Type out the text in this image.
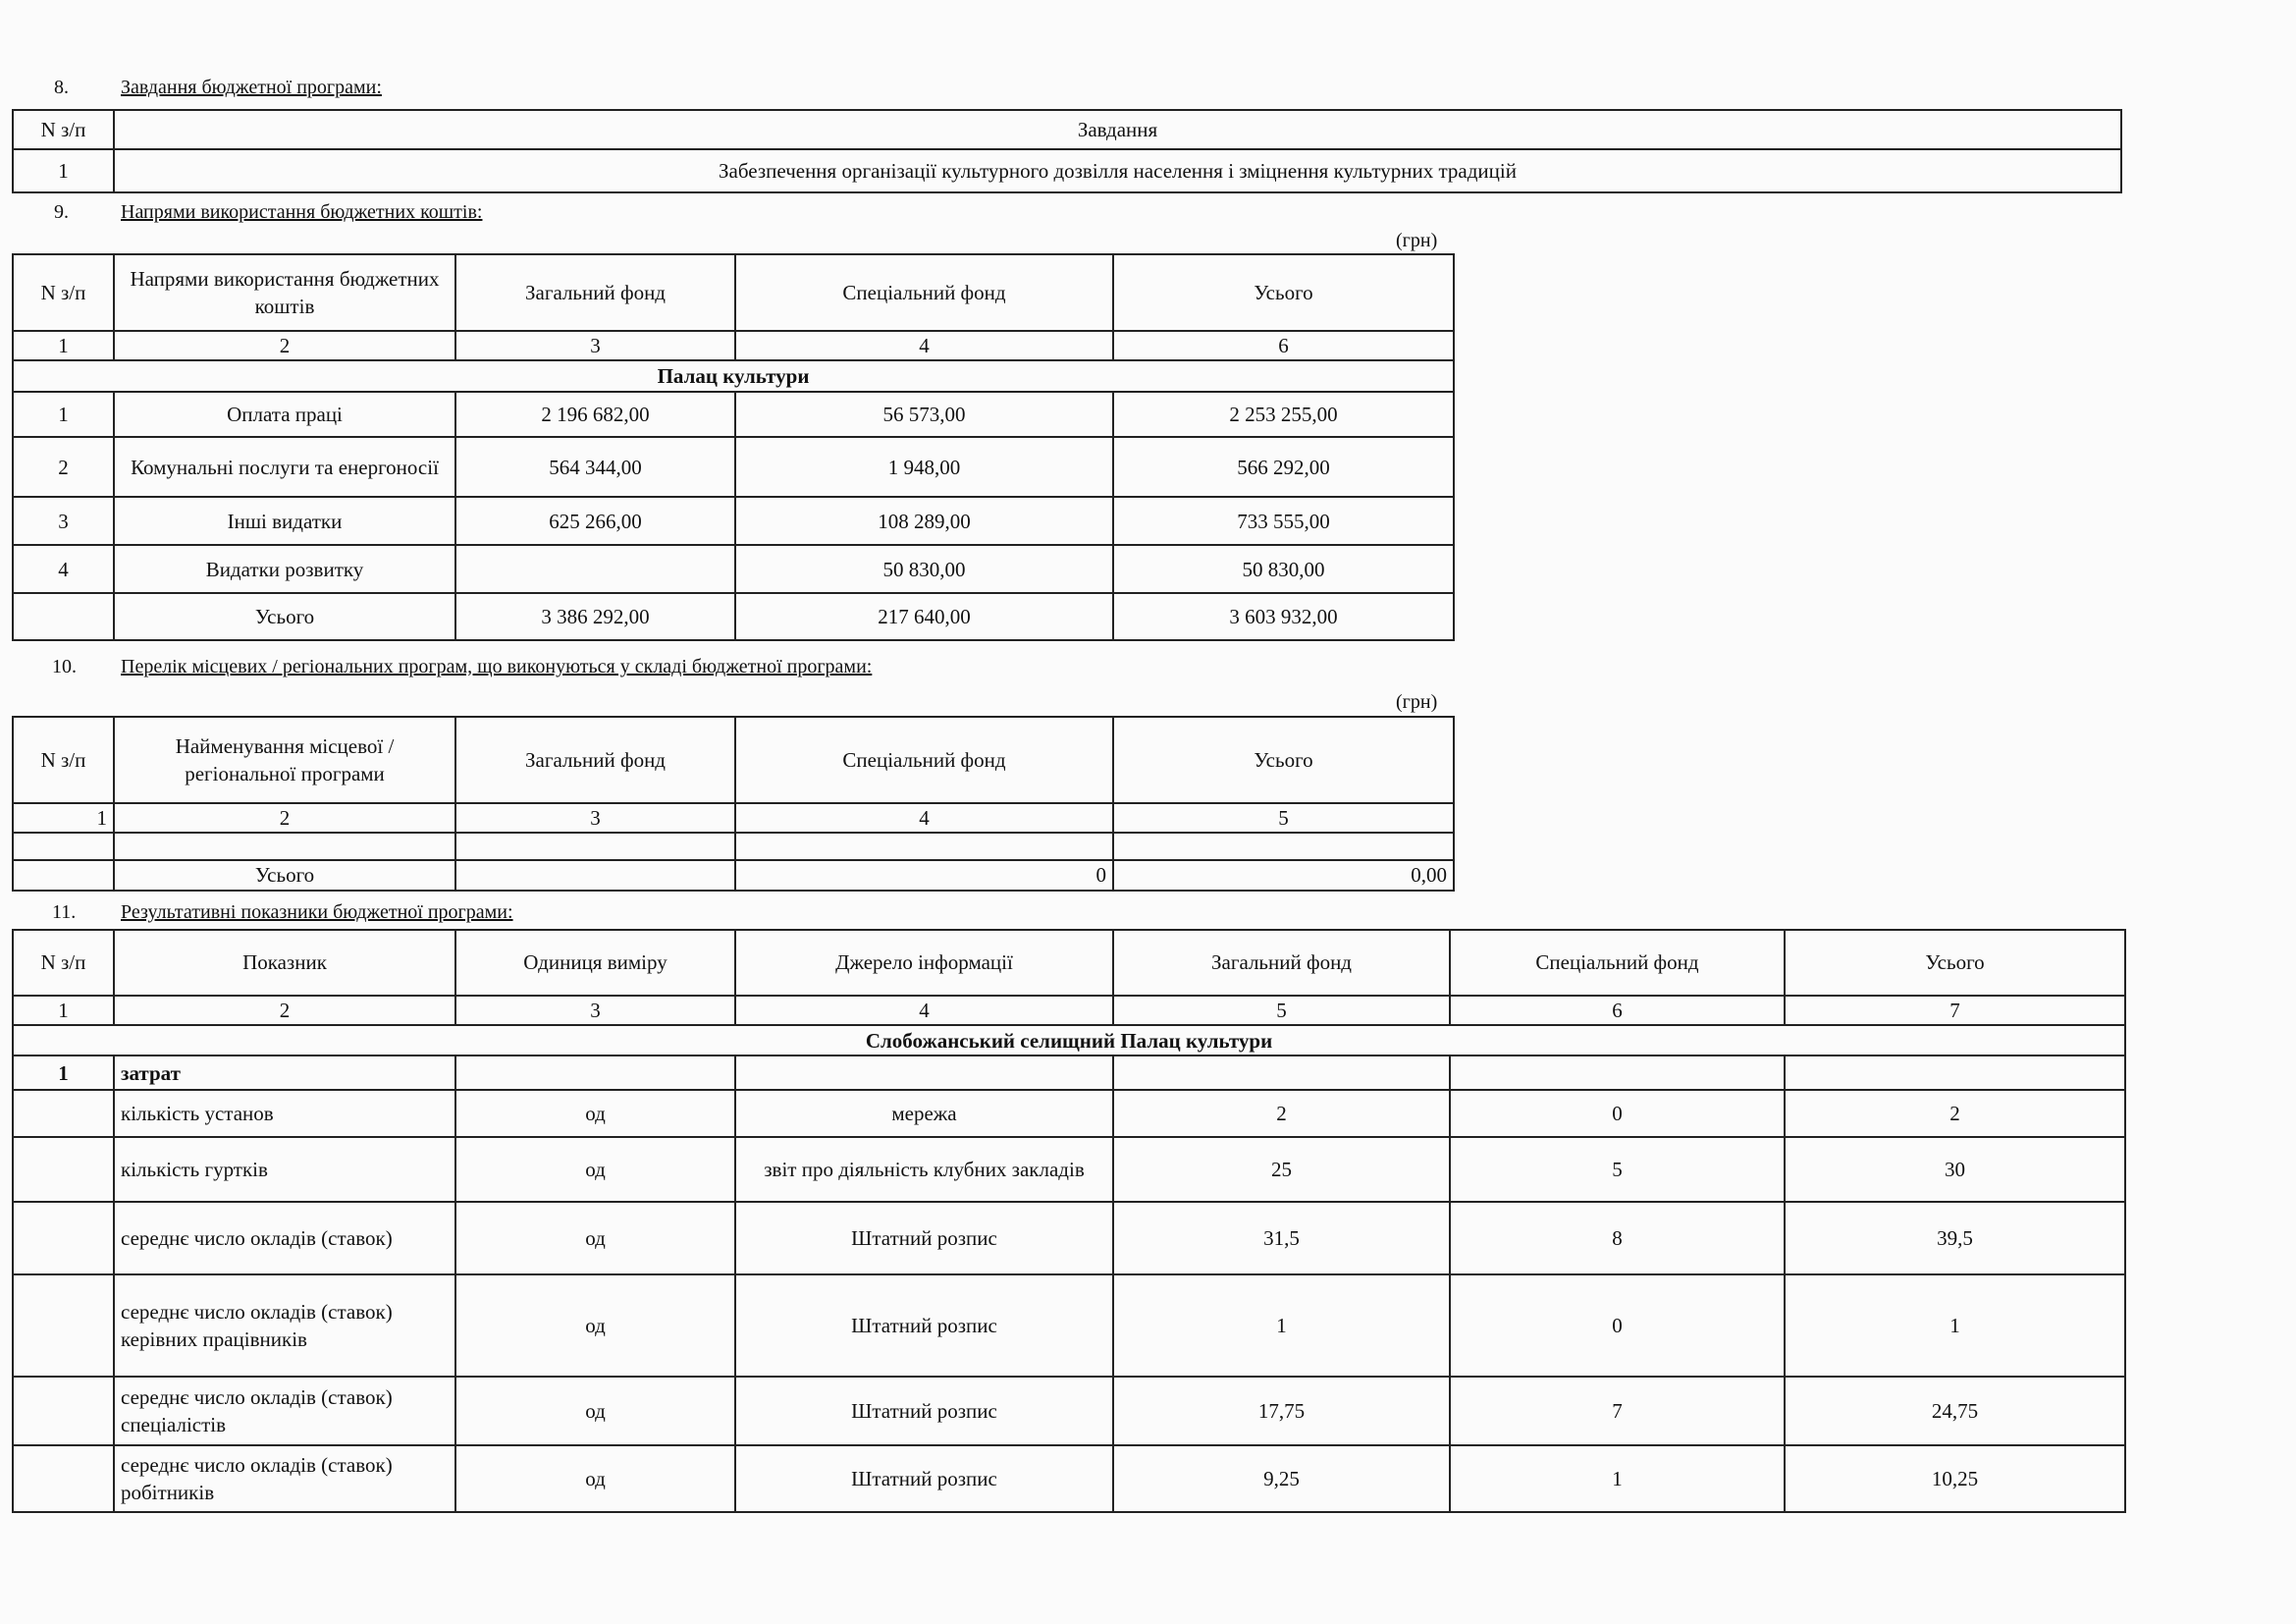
8.	Завдання бюджетної програми:
N з/п	Завдання
1	Забезпечення організації культурного дозвілля населення і зміцнення культурних традицій
9.	Напрями використання бюджетних коштів:
(грн)
N з/п	Напрями використання бюджетних коштів	Загальний фонд	Спеціальний фонд	Усього
1	2	3	4	6
Палац культури				
1	Оплата праці	2 196 682,00	56 573,00	2 253 255,00
2	Комунальні послуги та енергоносії	564 344,00	1 948,00	566 292,00
3	Інші видатки	625 266,00	108 289,00	733 555,00
4	Видатки розвитку		50 830,00	50 830,00
	Усього	3 386 292,00	217 640,00	3 603 932,00
10. Перелік місцевих / регіональних програм, що виконуються у складі бюджетної програми:
(грн)
N з/п	Найменування місцевої / регіональної програми	Загальний фонд	Спеціальний фонд	Усього
1	2	3	4	5

	Усього		0	0,00
11. Результативні показники бюджетної програми:
N з/п	Показник	Одиниця виміру	Джерело інформації	Загальний фонд	Спеціальний фонд	Усього
1	2	3	4	5	6	7
Слобожанський селищний Палац культури						
1	затрат					
	кількість установ	од	мережа	2	0	2
	кількість гуртків	од	звіт про діяльність клубних закладів	25	5	30
	середнє число окладів (ставок)	од	Штатний розпис	31,5	8	39,5
	середнє число окладів (ставок) керівних працівників	од	Штатний розпис	1	0	1
	середнє число окладів (ставок) спеціалістів	од	Штатний розпис	17,75	7	24,75
	середнє число окладів (ставок) робітників	од	Штатний розпис	9,25	1	10,25
